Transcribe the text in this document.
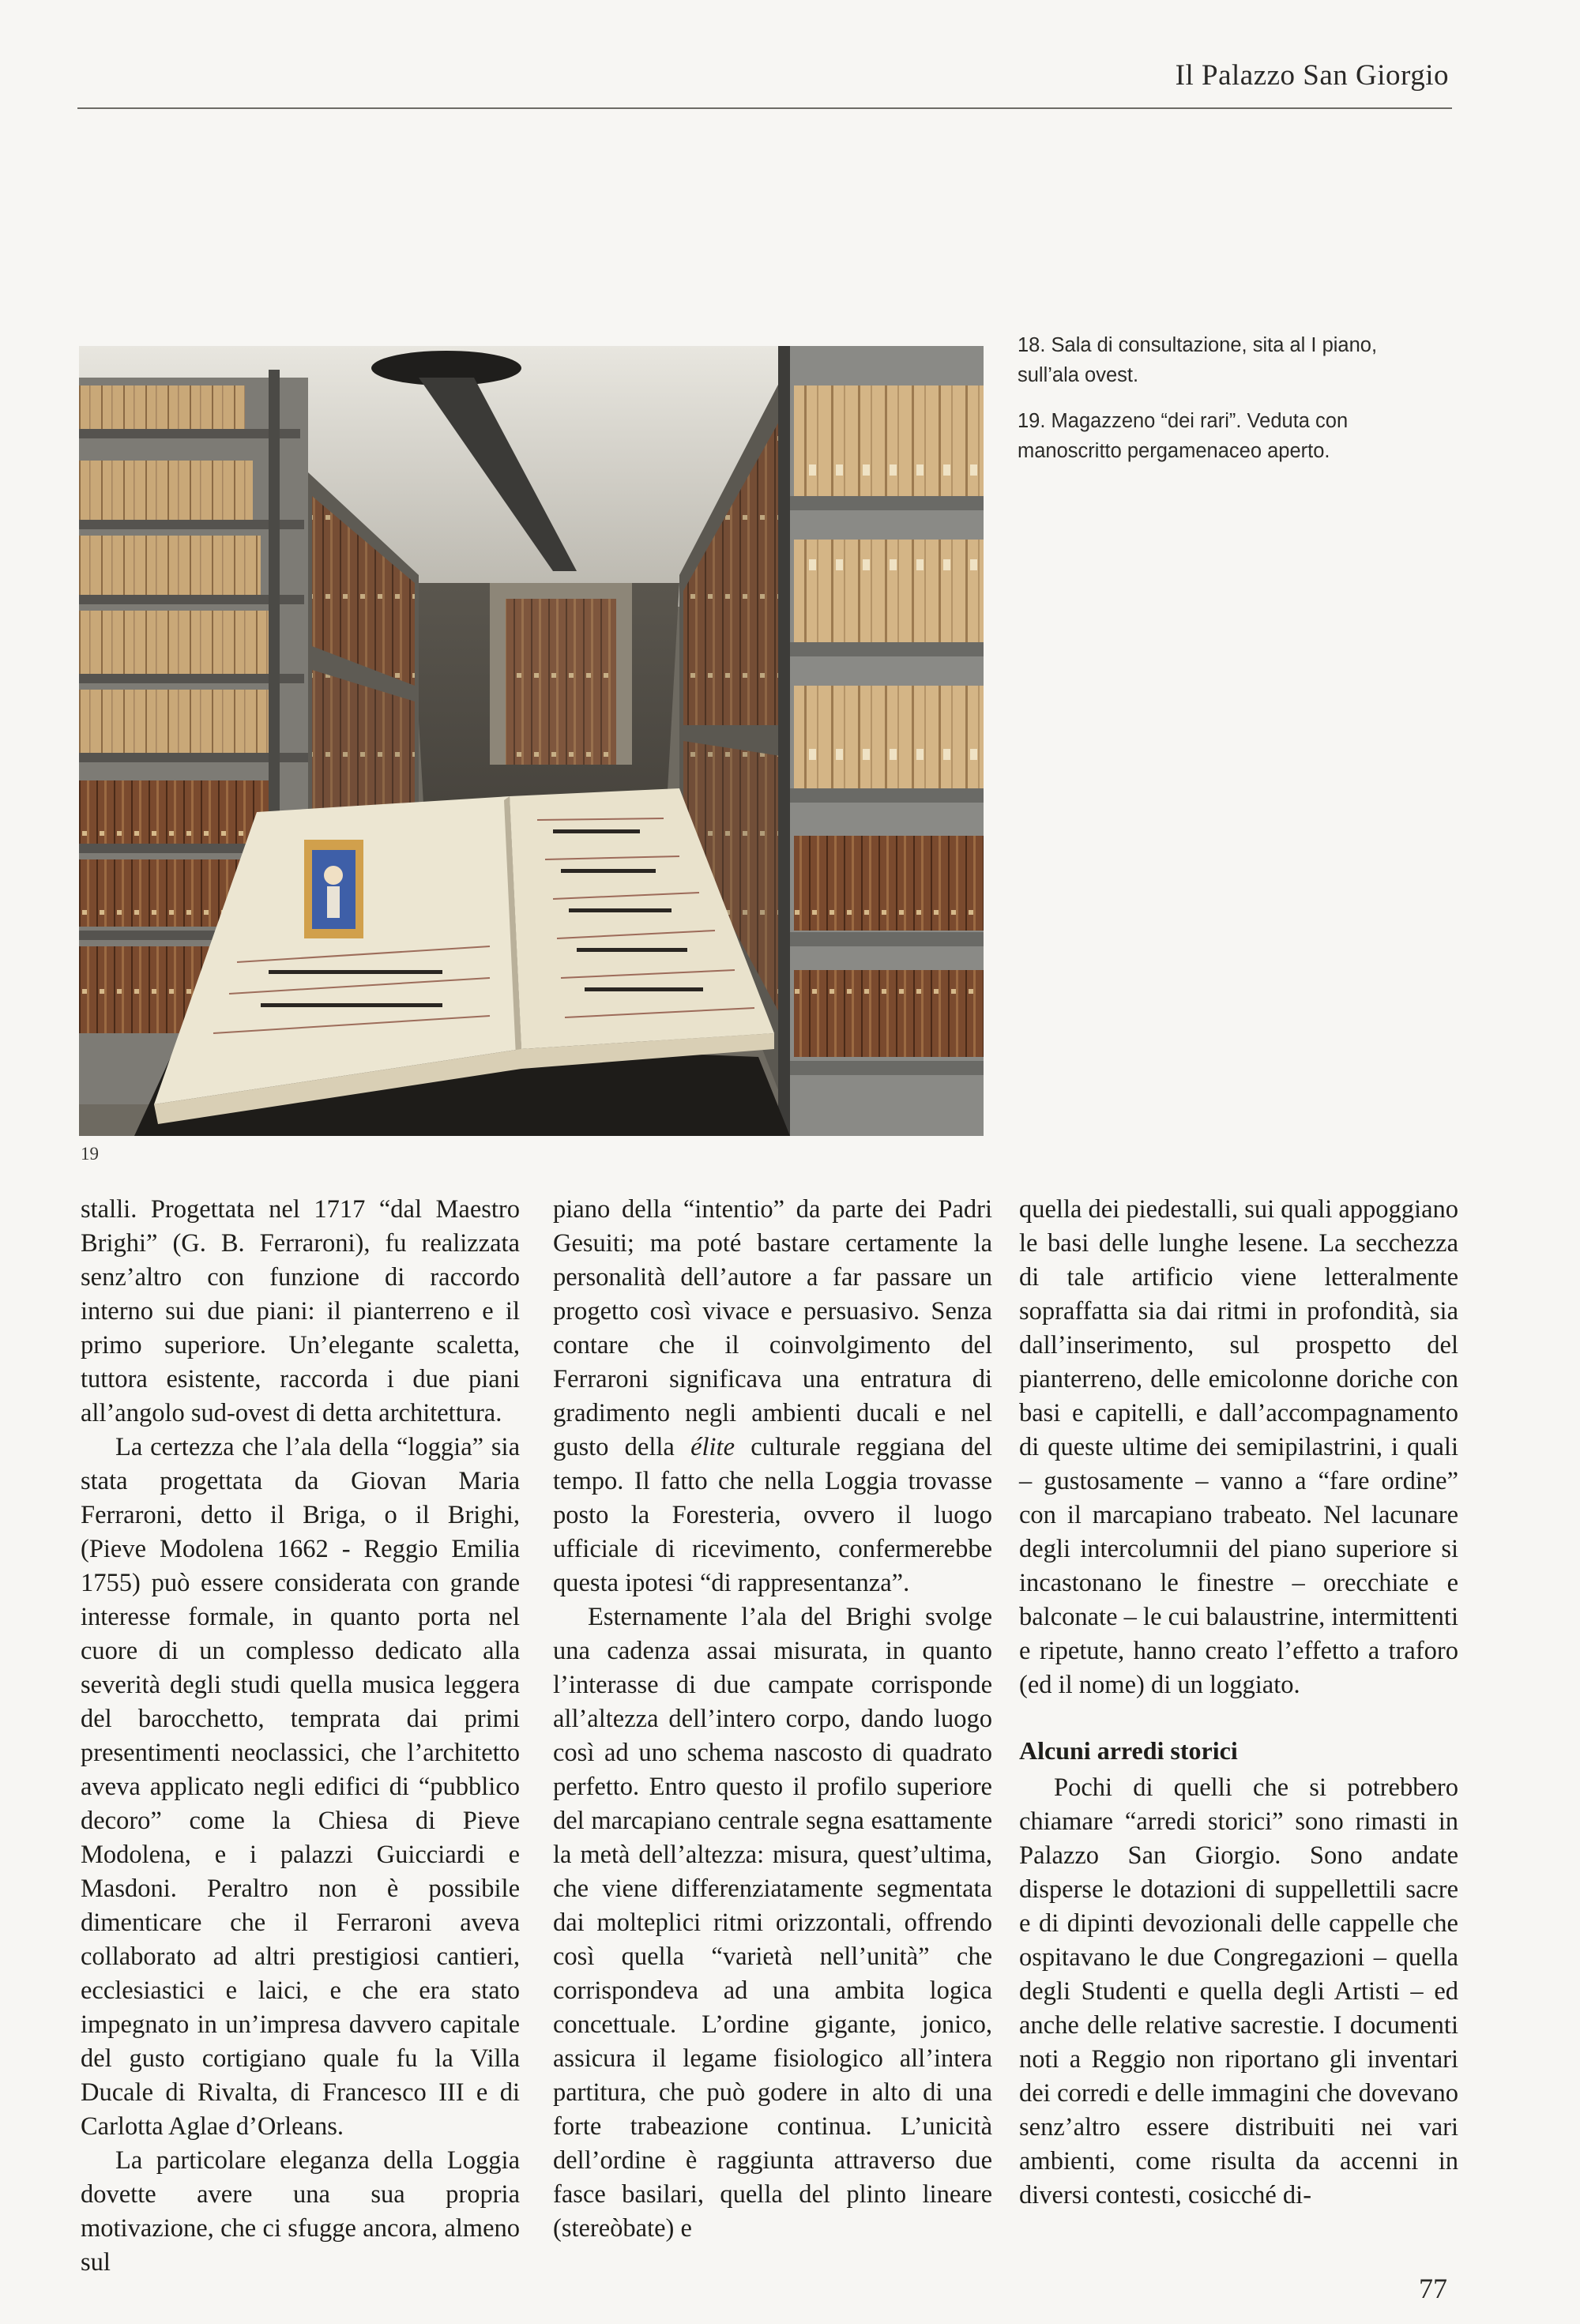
Il Palazzo San Giorgio
19

18. Sala di consultazione, sita al I piano, sull’ala ovest.

19. Magazzeno “dei rari”. Veduta con manoscritto pergamenaceo aperto.

stalli. Progettata nel 1717 “dal Maestro Brighi” (G. B. Ferraroni), fu realizzata senz’altro con funzione di raccordo interno sui due piani: il pianterreno e il primo superiore. Un’elegante scaletta, tuttora esistente, raccorda i due piani all’angolo sud-ovest di detta architettura.

La certezza che l’ala della “loggia” sia stata progettata da Giovan Maria Ferraroni, detto il Briga, o il Brighi, (Pieve Modolena 1662 - Reggio Emilia 1755) può essere considerata con grande interesse formale, in quanto porta nel cuore di un complesso dedicato alla severità degli studi quella musica leggera del barocchetto, temprata dai primi presentimenti neoclassici, che l’architetto aveva applicato negli edifici di “pubblico decoro” come la Chiesa di Pieve Modolena, e i palazzi Guicciardi e Masdoni. Peraltro non è possibile dimenticare che il Ferraroni aveva collaborato ad altri prestigiosi cantieri, ecclesiastici e laici, e che era stato impegnato in un’impresa davvero capitale del gusto cortigiano quale fu la Villa Ducale di Rivalta, di Francesco III e di Carlotta Aglae d’Orleans.

La particolare eleganza della Loggia dovette avere una sua propria motivazione, che ci sfugge ancora, almeno sul

piano della “intentio” da parte dei Padri Gesuiti; ma poté bastare certamente la personalità dell’autore a far passare un progetto così vivace e persuasivo. Senza contare che il coinvolgimento del Ferraroni significava una entratura di gradimento negli ambienti ducali e nel gusto della élite culturale reggiana del tempo. Il fatto che nella Loggia trovasse posto la Foresteria, ovvero il luogo ufficiale di ricevimento, confermerebbe questa ipotesi “di rappresentanza”.

Esternamente l’ala del Brighi svolge una cadenza assai misurata, in quanto l’interasse di due campate corrisponde all’altezza dell’intero corpo, dando luogo così ad uno schema nascosto di quadrato perfetto. Entro questo il profilo superiore del marcapiano centrale segna esattamente la metà dell’altezza: misura, quest’ultima, che viene differenziatamente segmentata dai molteplici ritmi orizzontali, offrendo così quella “varietà nell’unità” che corrispondeva ad una ambita logica concettuale. L’ordine gigante, jonico, assicura il legame fisiologico all’intera partitura, che può godere in alto di una forte trabeazione continua. L’unicità dell’ordine è raggiunta attraverso due fasce basilari, quella del plinto lineare (stereòbate) e

quella dei piedestalli, sui quali appoggiano le basi delle lunghe lesene. La secchezza di tale artificio viene letteralmente sopraffatta sia dai ritmi in profondità, sia dall’inserimento, sul prospetto del pianterreno, delle emicolonne doriche con basi e capitelli, e dall’accompagnamento di queste ultime dei semipilastrini, i quali – gustosamente – vanno a “fare ordine” con il marcapiano trabeato. Nel lacunare degli intercolumnii del piano superiore si incastonano le finestre – orecchiate e balconate – le cui balaustrine, intermittenti e ripetute, hanno creato l’effetto a traforo (ed il nome) di un loggiato.

Alcuni arredi storici

Pochi di quelli che si potrebbero chiamare “arredi storici” sono rimasti in Palazzo San Giorgio. Sono andate disperse le dotazioni di suppellettili sacre e di dipinti devozionali delle cappelle che ospitavano le due Congregazioni – quella degli Studenti e quella degli Artisti – ed anche delle relative sacrestie. I documenti noti a Reggio non riportano gli inventari dei corredi e delle immagini che dovevano senz’altro essere distribuiti nei vari ambienti, come risulta da accenni in diversi contesti, cosicché di-

77
